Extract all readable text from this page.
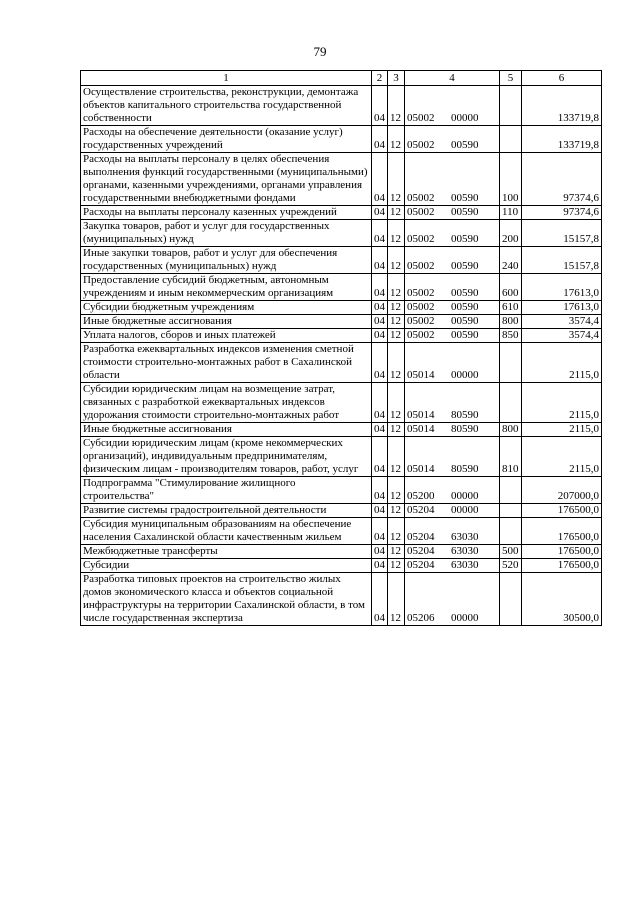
79
1	2	3	4	5	6
Осуществление строительства, реконструкции, демонтажа объектов капитального строительства государственной собственности	04	12	05002 00000		133719,8
Расходы на обеспечение деятельности (оказание услуг) государственных учреждений	04	12	05002 00590		133719,8
Расходы на выплаты персоналу в целях обеспечения выполнения функций государственными (муниципальными) органами, казенными учреждениями, органами управления государственными внебюджетными фондами	04	12	05002 00590	100	97374,6
Расходы на выплаты персоналу казенных учреждений	04	12	05002 00590	110	97374,6
Закупка товаров, работ и услуг для государственных (муниципальных) нужд	04	12	05002 00590	200	15157,8
Иные закупки товаров, работ и услуг для обеспечения государственных (муниципальных) нужд	04	12	05002 00590	240	15157,8
Предоставление субсидий бюджетным, автономным учреждениям и иным некоммерческим организациям	04	12	05002 00590	600	17613,0
Субсидии бюджетным учреждениям	04	12	05002 00590	610	17613,0
Иные бюджетные ассигнования	04	12	05002 00590	800	3574,4
Уплата налогов, сборов и иных платежей	04	12	05002 00590	850	3574,4
Разработка ежеквартальных индексов изменения сметной стоимости строительно-монтажных работ в Сахалинской области	04	12	05014 00000		2115,0
Субсидии юридическим лицам на возмещение затрат, связанных с разработкой ежеквартальных индексов удорожания стоимости строительно-монтажных работ	04	12	05014 80590		2115,0
Иные бюджетные ассигнования	04	12	05014 80590	800	2115,0
Субсидии юридическим лицам (кроме некоммерческих организаций), индивидуальным предпринимателям, физическим лицам - производителям товаров, работ, услуг	04	12	05014 80590	810	2115,0
Подпрограмма "Стимулирование жилищного строительства"	04	12	05200 00000		207000,0
Развитие системы градостроительной деятельности	04	12	05204 00000		176500,0
Субсидия муниципальным образованиям на обеспечение населения Сахалинской области качественным жильем	04	12	05204 63030		176500,0
Межбюджетные трансферты	04	12	05204 63030	500	176500,0
Субсидии	04	12	05204 63030	520	176500,0
Разработка типовых проектов на строительство жилых домов экономического класса и объектов социальной инфраструктуры на территории Сахалинской области, в том числе государственная экспертиза	04	12	05206 00000		30500,0
